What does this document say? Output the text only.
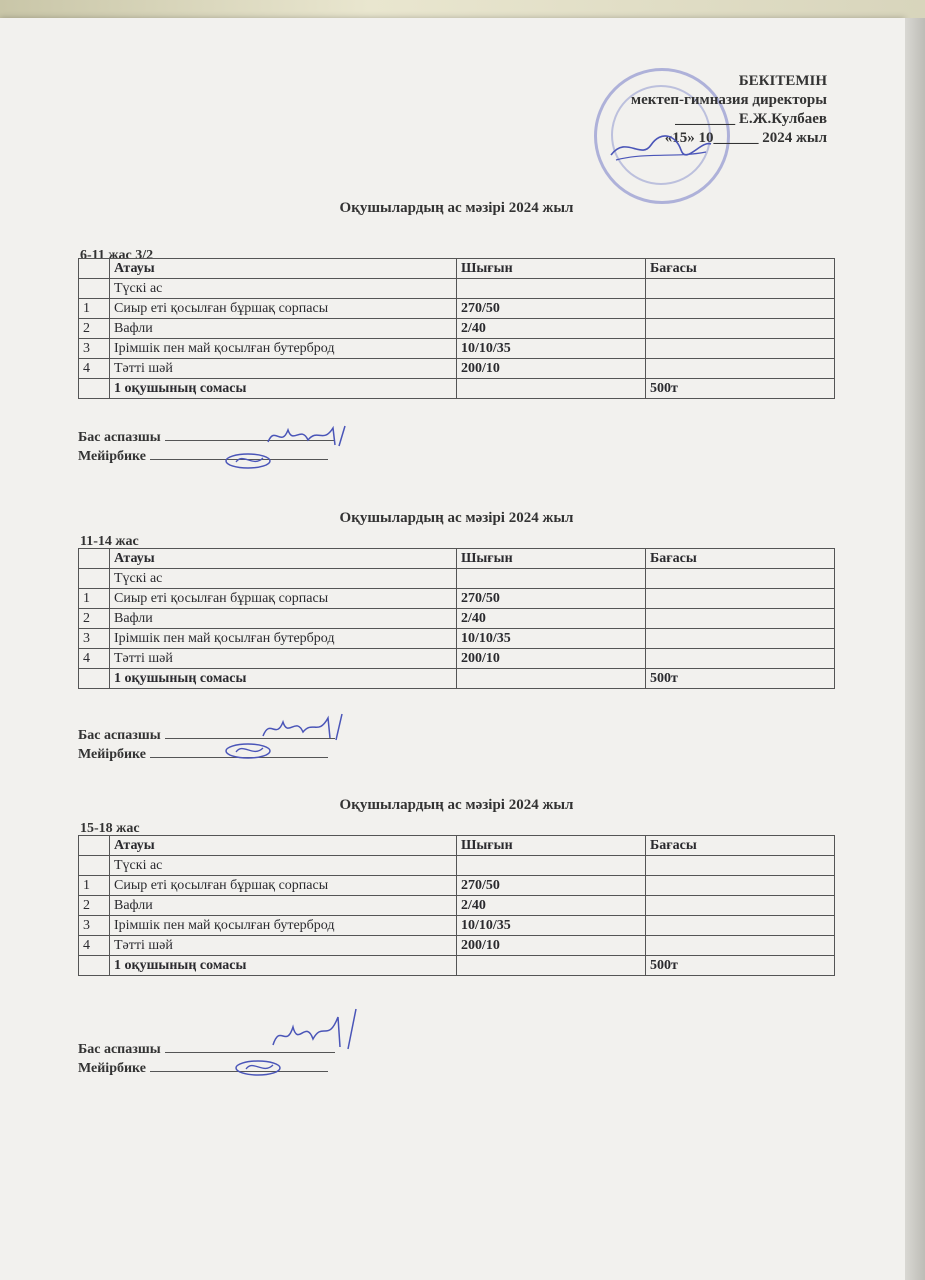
БЕКІТЕМІН
мектеп-гимназия директоры
________ Е.Ж.Кулбаев
«15» 10______ 2024 жыл
Оқушылардың ас мәзірі 2024 жыл
6-11 жас 3/2
	Атауы	Шығын	Бағасы
	Түскі ас		
1	Сиыр еті қосылған бұршақ сорпасы	270/50	
2	Вафли	2/40	
3	Ірімшік пен май қосылған бутерброд	10/10/35	
4	Тәтті шәй	200/10	
	1 оқушының сомасы		500т
Бас аспазшы
Мейірбике
Оқушылардың ас мәзірі 2024 жыл
11-14 жас
	Атауы	Шығын	Бағасы
	Түскі ас		
1	Сиыр еті қосылған бұршақ сорпасы	270/50	
2	Вафли	2/40	
3	Ірімшік пен май қосылған бутерброд	10/10/35	
4	Тәтті шәй	200/10	
	1 оқушының сомасы		500т
Бас аспазшы
Мейірбике
Оқушылардың ас мәзірі 2024 жыл
15-18 жас
	Атауы	Шығын	Бағасы
	Түскі ас		
1	Сиыр еті қосылған бұршақ сорпасы	270/50	
2	Вафли	2/40	
3	Ірімшік пен май қосылған бутерброд	10/10/35	
4	Тәтті шәй	200/10	
	1 оқушының сомасы		500т
Бас аспазшы
Мейірбике
